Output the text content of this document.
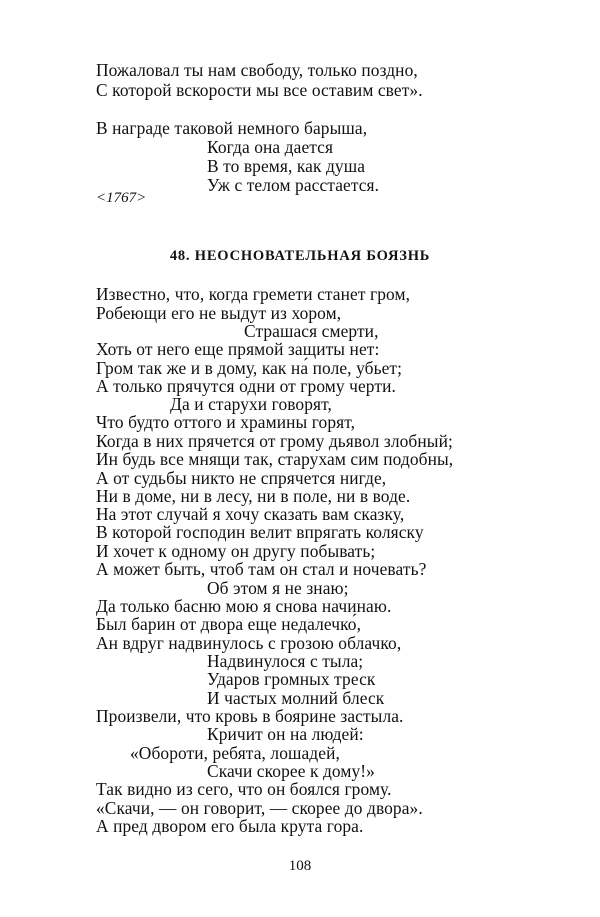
Пожаловал ты нам свободу, только поздно,
С которой вскорости мы все оставим свет».
В награде таковой немного барыша,
Когда она дается
В то время, как душа
Уж с телом расстается.
<1767>
48. НЕОСНОВАТЕЛЬНАЯ БОЯЗНЬ
Известно, что, когда гремети станет гром,
Робеющи его не выдут из хором,
Страшася смерти,
Хоть от него еще прямой защиты нет:
Гром так же и в дому, как на́ поле, убьет;
А только прячутся одни от грому черти.
Да и старухи говорят,
Что будто оттого и храмины горят,
Когда в них прячется от грому дьявол злобный;
Ин будь все мнящи так, старухам сим подобны,
А от судьбы никто не спрячется нигде,
Ни в доме, ни в лесу, ни в поле, ни в воде.
На этот случай я хочу сказать вам сказку,
В которой господин велит впрягать коляску
И хочет к одному он другу побывать;
А может быть, чтоб там он стал и ночевать?
Об этом я не знаю;
Да только басню мою я снова начинаю.
Был барин от двора еще недалечко́,
Ан вдруг надвинулось с грозою облачко,
Надвинулося с тыла;
Ударов громных треск
И частых молний блеск
Произвели, что кровь в боярине застыла.
Кричит он на людей:
«Обороти, ребята, лошадей,
Скачи скорее к дому!»
Так видно из сего, что он боялся грому.
«Скачи, — он говорит, — скорее до двора».
А пред двором его была крута гора.
108
